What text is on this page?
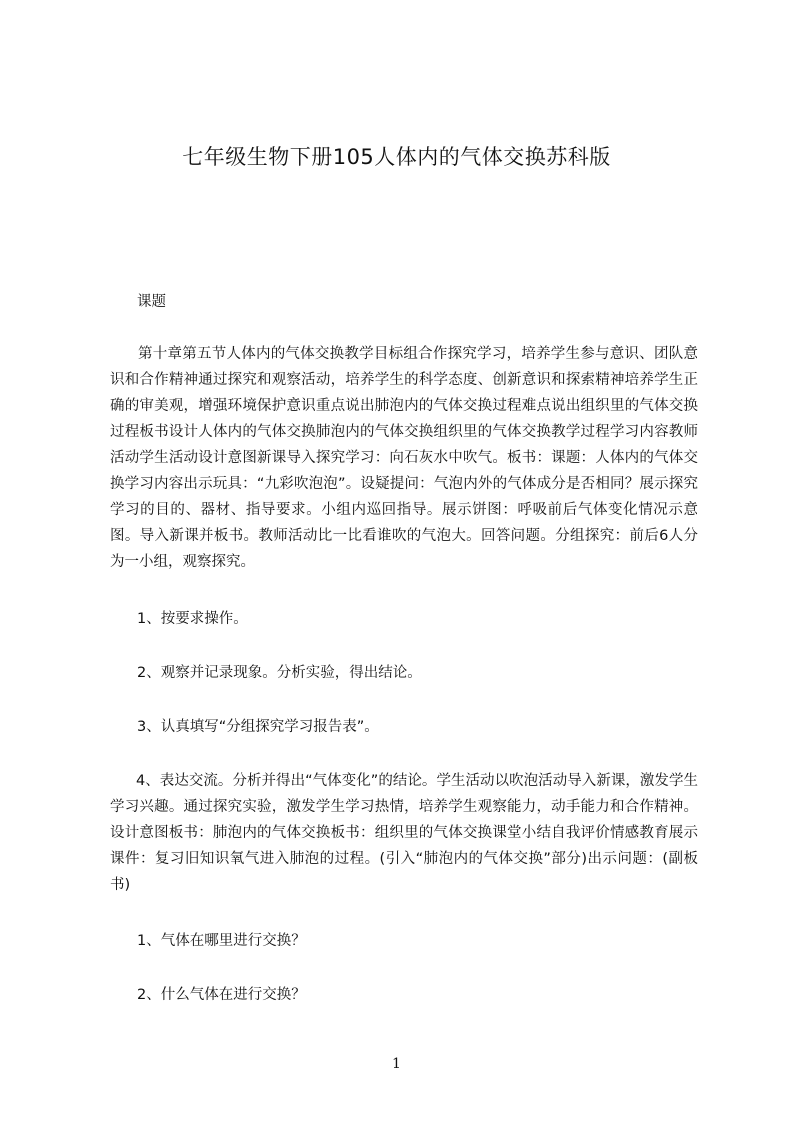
七年级生物下册105人体内的气体交换苏科版

课题

第十章第五节人体内的气体交换教学目标组合作探究学习，培养学生参与意识、团队意识和合作精神通过探究和观察活动，培养学生的科学态度、创新意识和探索精神培养学生正确的审美观，增强环境保护意识重点说出肺泡内的气体交换过程难点说出组织里的气体交换过程板书设计人体内的气体交换肺泡内的气体交换组织里的气体交换教学过程学习内容教师活动学生活动设计意图新课导入探究学习：向石灰水中吹气。板书：课题：人体内的气体交换学习内容出示玩具：“九彩吹泡泡”。设疑提问：气泡内外的气体成分是否相同？展示探究学习的目的、器材、指导要求。小组内巡回指导。展示饼图：呼吸前后气体变化情况示意图。导入新课并板书。教师活动比一比看谁吹的气泡大。回答问题。分组探究：前后6人分为一小组，观察探究。

1、按要求操作。

2、观察并记录现象。分析实验，得出结论。

3、认真填写“分组探究学习报告表”。

4、表达交流。分析并得出“气体变化”的结论。学生活动以吹泡活动导入新课，激发学生学习兴趣。通过探究实验，激发学生学习热情，培养学生观察能力，动手能力和合作精神。设计意图板书：肺泡内的气体交换板书：组织里的气体交换课堂小结自我评价情感教育展示课件：复习旧知识氧气进入肺泡的过程。(引入“肺泡内的气体交换”部分)出示问题：(副板书)

1、气体在哪里进行交换？

2、什么气体在进行交换？

1
